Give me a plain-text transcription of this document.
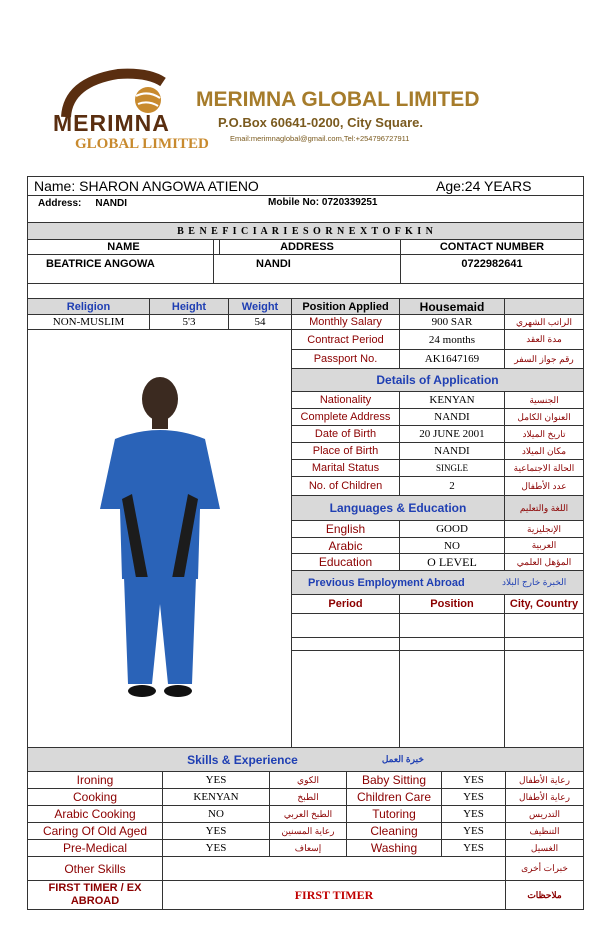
MERIMNA
GLOBAL LIMITED
MERIMNA GLOBAL LIMITED
P.O.Box 60641-0200, City Square.
Email:merimnaglobal@gmail.com,Tel:+254796727911
Name: SHARON ANGOWA ATIENO	Age:24 YEARS
Address: NANDI	Mobile No: 0720339251
B E N E F I C I A R I E S O R N E X T O F K I N
NAME	ADDRESS	CONTACT NUMBER
BEATRICE ANGOWA	NANDI	0722982641
Religion	Height	Weight	Position Applied	Housemaid
NON-MUSLIM	5'3	54	Monthly Salary	900 SAR	الراتب الشهري
Contract Period	24 months	مدة العقد
Passport No.	AK1647169	رقم جواز السفر
Details of Application
Nationality	KENYAN	الجنسية
Complete Address	NANDI	العنوان الكامل
Date of Birth	20 JUNE 2001	تاريخ الميلاد
Place of Birth	NANDI	مكان الميلاد
Marital Status	SINGLE	الحالة الاجتماعية
No. of Children	2	عدد الأطفال
Languages & Education	اللغة والتعليم
English	GOOD	الإنجليزية
Arabic	NO	العربية
Education	O LEVEL	المؤهل العلمي
Previous Employment Abroad	الخبرة خارج البلاد
Period	Position	City, Country
Skills & Experience	خبرة العمل
Ironing	YES	الكوي	Baby Sitting	YES	رعاية الأطفال
Cooking	KENYAN	الطبخ	Children Care	YES	رعاية الأطفال
Arabic Cooking	NO	الطبخ العربي	Tutoring	YES	التدريس
Caring Of Old Aged	YES	رعاية المسنين	Cleaning	YES	التنظيف
Pre-Medical	YES	إسعاف	Washing	YES	الغسيل
Other Skills	خبرات أخرى
FIRST TIMER / EX ABROAD	FIRST TIMER	ملاحظات
